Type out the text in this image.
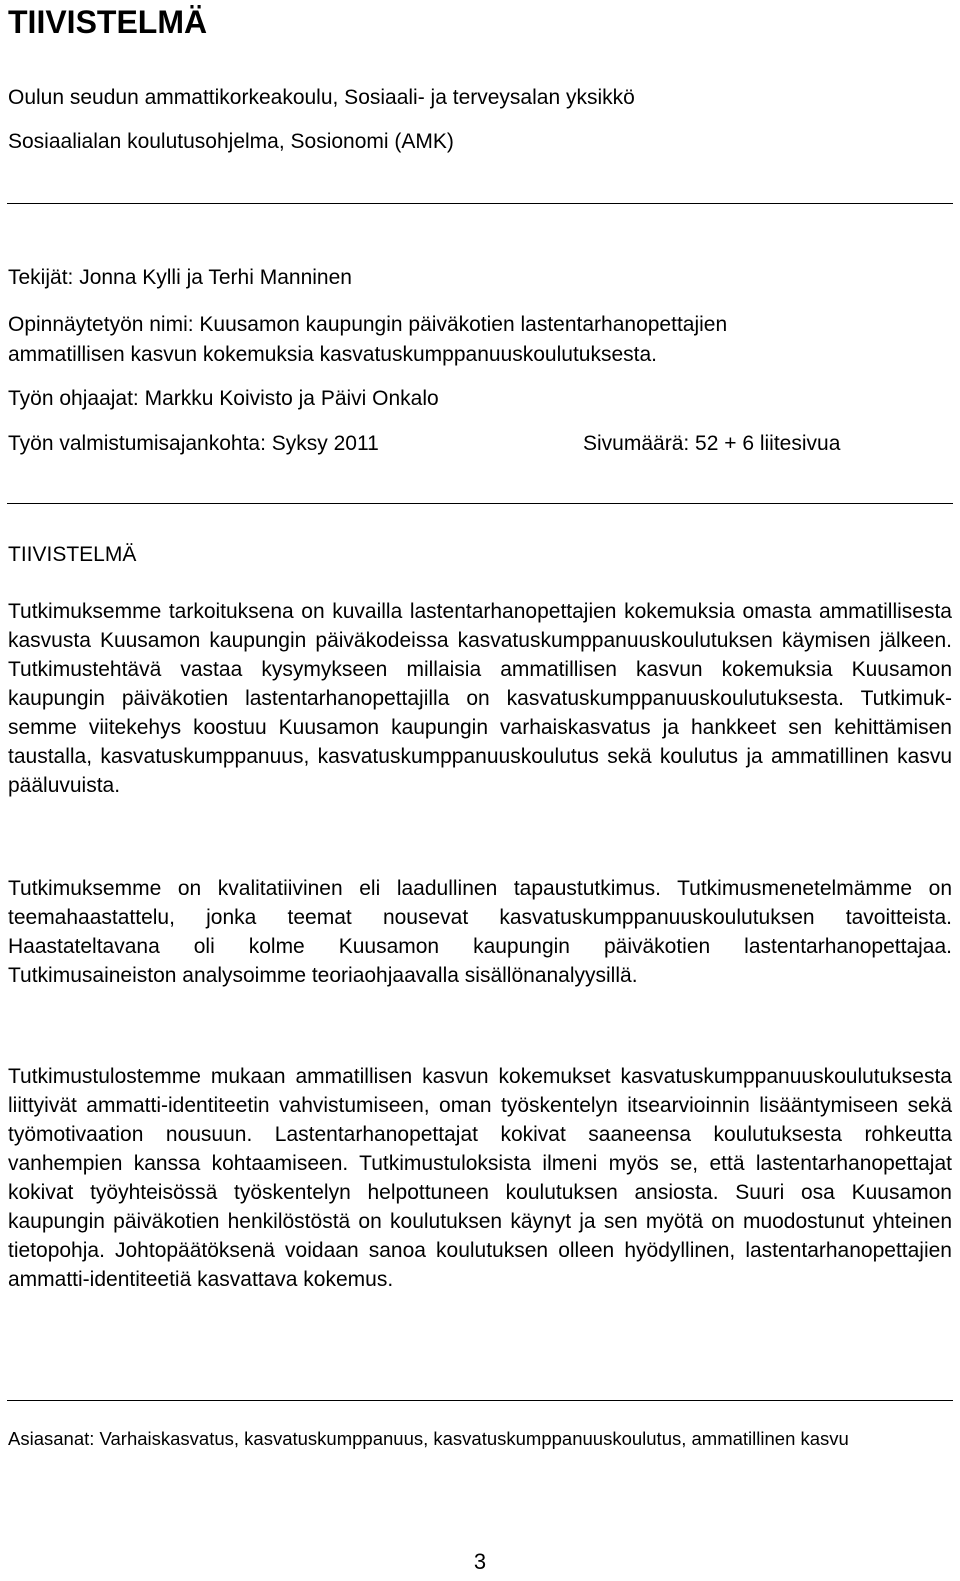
TIIVISTELMÄ
Oulun seudun ammattikorkeakoulu, Sosiaali- ja terveysalan yksikkö
Sosiaalialan koulutusohjelma, Sosionomi (AMK)
Tekijät: Jonna Kylli ja Terhi Manninen
Opinnäytetyön nimi: Kuusamon kaupungin päiväkotien lastentarhanopettajien
ammatillisen kasvun kokemuksia kasvatuskumppanuuskoulutuksesta.
Työn ohjaajat: Markku Koivisto ja Päivi Onkalo
Työn valmistumisajankohta: Syksy 2011	Sivumäärä: 52 + 6 liitesivua
TIIVISTELMÄ

Tutkimuksemme tarkoituksena on kuvailla lastentarhanopettajien kokemuksia omasta ammatillisesta kasvusta Kuusamon kaupungin päiväkodeissa kasvatuskumppanuuskoulutuksen käymisen jälkeen. Tutkimustehtävä vastaa kysymykseen millaisia ammatillisen kasvun kokemuksia Kuusamon kaupungin päiväkotien lastentarhanopettajilla on kasvatuskumppanuuskoulutuksesta. Tutkimuksemme viitekehys koostuu Kuusamon kaupungin varhaiskasvatus ja hankkeet sen kehittämisen taustalla, kasvatuskumppanuus, kasvatuskumppanuuskoulutus sekä koulutus ja ammatillinen kasvu pääluvuista.

Tutkimuksemme on kvalitatiivinen eli laadullinen tapaustutkimus. Tutkimusmenetelmämme on teemahaastattelu, jonka teemat nousevat kasvatuskumppanuuskoulutuksen tavoitteista. Haastateltavana oli kolme Kuusamon kaupungin päiväkotien lastentarhanopettajaa. Tutkimusaineiston analysoimme teoriaohjaavalla sisällönanalyysillä.

Tutkimustulostemme mukaan ammatillisen kasvun kokemukset kasvatuskumppanuuskoulutuksesta liittyivät ammatti-identiteetin vahvistumiseen, oman työskentelyn itsearvioinnin lisääntymiseen sekä työmotivaation nousuun. Lastentarhanopettajat kokivat saaneensa koulutuksesta rohkeutta vanhempien kanssa kohtaamiseen. Tutkimustuloksista ilmeni myös se, että lastentarhanopettajat kokivat työyhteisössä työskentelyn helpottuneen koulutuksen ansiosta. Suuri osa Kuusamon kaupungin päiväkotien henkilöstöstä on koulutuksen käynyt ja sen myötä on muodostunut yhteinen tietopohja. Johtopäätöksenä voidaan sanoa koulutuksen olleen hyödyllinen, lastentarhanopettajien ammatti-identiteetiä kasvattava kokemus.

Asiasanat: Varhaiskasvatus, kasvatuskumppanuus, kasvatuskumppanuuskoulutus, ammatillinen kasvu

3
